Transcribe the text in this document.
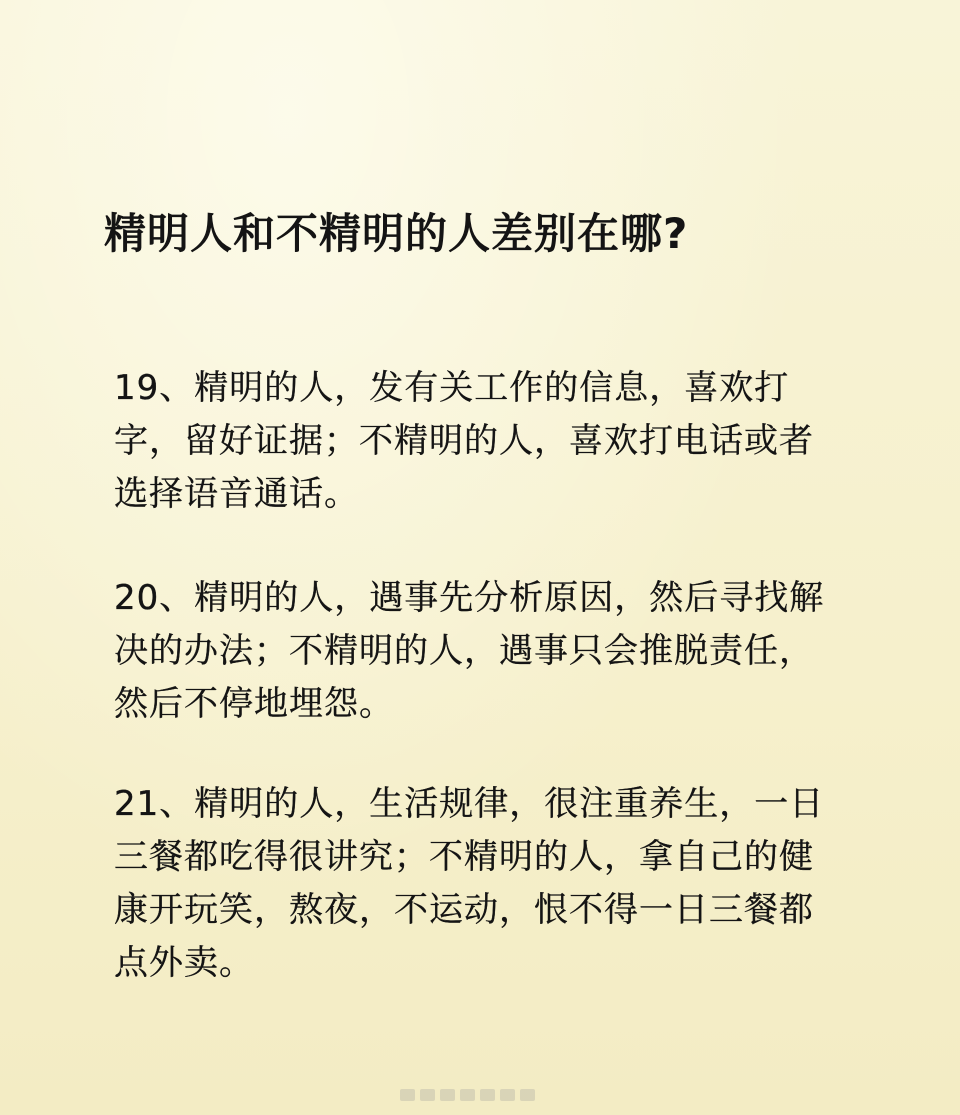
精明人和不精明的人差别在哪?

19、精明的人，发有关工作的信息，喜欢打字，留好证据；不精明的人，喜欢打电话或者选择语音通话。

20、精明的人，遇事先分析原因，然后寻找解决的办法；不精明的人，遇事只会推脱责任，然后不停地埋怨。

21、精明的人，生活规律，很注重养生，一日三餐都吃得很讲究；不精明的人，拿自己的健康开玩笑，熬夜，不运动，恨不得一日三餐都点外卖。
